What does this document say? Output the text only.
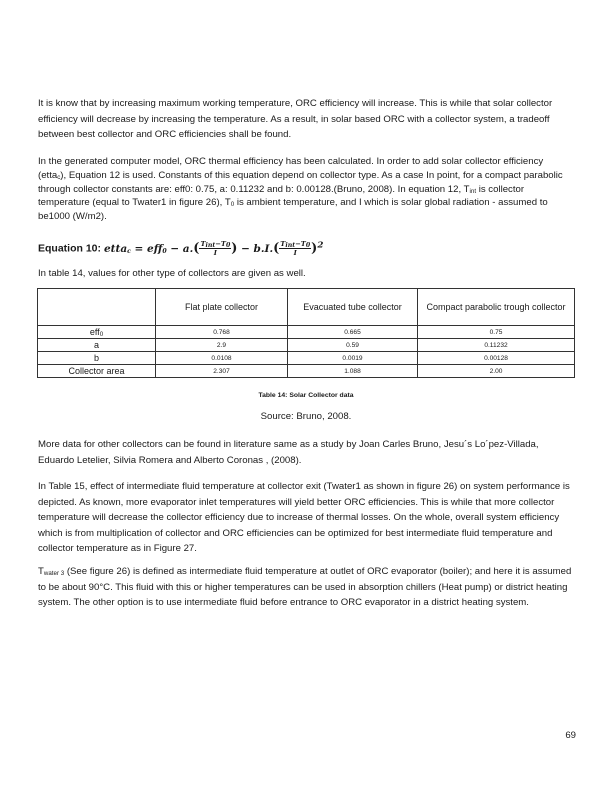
It is know that by increasing maximum working temperature, ORC efficiency will increase. This is while that solar collector efficiency will decrease by increasing the temperature. As a result, in solar based ORC with a collector system, a tradeoff between best collector and ORC efficiencies shall be found.

In the generated computer model, ORC thermal efficiency has been calculated. In order to add solar collector efficiency (etta$_c$), Equation 12 is used. Constants of this equation depend on collector type. As a case In point, for a compact parabolic through collector constants are: eff0: 0.75, a: 0.11232 and b: 0.00128.(Bruno, 2008). In equation 12, $T_{int}$ is collector temperature (equal to Twater1 in figure 26), $T_0$ is ambient temperature, and I which is solar global radiation - assumed to be1000 (W/m2).

Equation 10: etta$_c$ = $eff_0 - a.( \frac{T_{int}-T_0}{I}$ ) − $b.I.( \frac{T_{int}-T_0}{I} )^2$

In table 14, values for other type of collectors are given as well.

	Flat plate collector	Evacuated tube collector	Compact parabolic trough collector
eff$_0$	0.768	0.665	0.75
a	2.9	0.59	0.11232
b	0.0108	0.0019	0.00128
Collector area	2.307	1.088	2.00
Table 14: Solar Collector data
Source: Bruno, 2008.

More data for other collectors can be found in literature same as a study by Joan Carles Bruno, Jesu´s Lo´pez-Villada, Eduardo Letelier, Silvia Romera and Alberto Coronas , (2008).

In Table 15, effect of intermediate fluid temperature at collector exit (Twater1 as shown in figure 26) on system performance is depicted. As known, more evaporator inlet temperatures will yield better ORC efficiencies. This is while that more collector temperature will decrease the collector efficiency due to increase of thermal losses. On the whole, overall system efficiency which is from multiplication of collector and ORC efficiencies can be optimized for best intermediate fluid temperature and collector temperature as in Figure 27.

$T_{water 3}$ (See figure 26) is defined as intermediate fluid temperature at outlet of ORC evaporator (boiler); and here it is assumed to be about 90°C. This fluid with this or higher temperatures can be used in absorption chillers (Heat pump) or district heating system. The other option is to use intermediate fluid before entrance to ORC evaporator in a district heating system.

69
